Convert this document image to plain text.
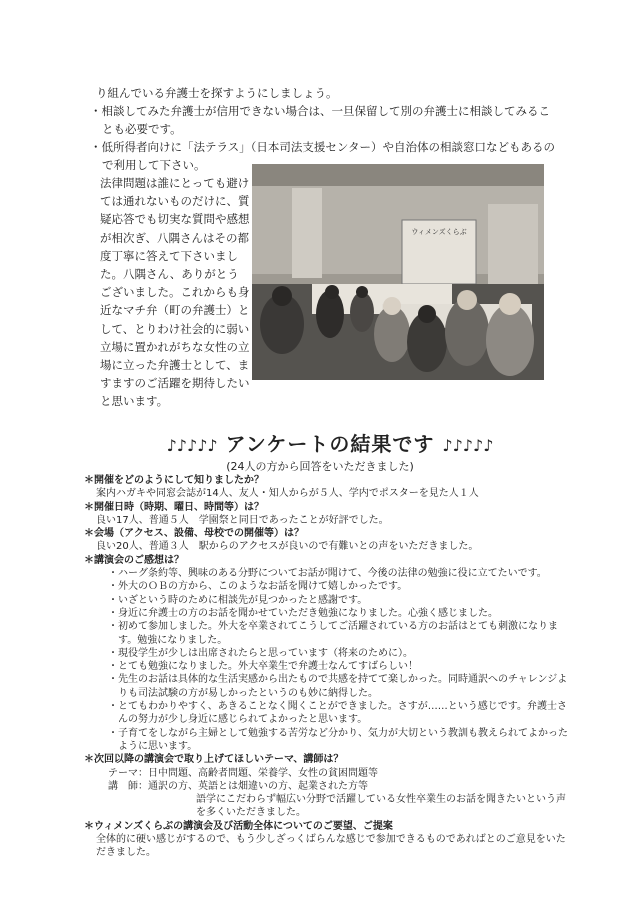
り組んでいる弁護士を探すようにしましょう。
・相談してみた弁護士が信用できない場合は、一旦保留して別の弁護士に相談してみることも必要です。
・低所得者向けに「法テラス」（日本司法支援センター）や自治体の相談窓口などもあるので利用して下さい。

法律問題は誰にとっても避けては通れないものだけに、質疑応答でも切実な質問や感想が相次ぎ、八隅さんはその都度丁寧に答えて下さいました。八隅さん、ありがとうございました。これからも身近なマチ弁（町の弁護士）として、とりわけ社会的に弱い立場に置かれがちな女性の立場に立った弁護士として、ますますのご活躍を期待したいと思います。

ウィメンズくらぶ
♪♪♪♪♪ アンケートの結果です ♪♪♪♪♪
(24人の方から回答をいただきました)
＊開催をどのようにして知りましたか？
案内ハガキや同窓会誌が14人、友人・知人からが５人、学内でポスターを見た人１人
＊開催日時（時期、曜日、時間等）は？
良い17人、普通５人　学園祭と同日であったことが好評でした。
＊会場（アクセス、設備、母校での開催等）は？
良い20人、普通３人　駅からのアクセスが良いので有難いとの声をいただきました。
＊講演会のご感想は？
・ハーグ条約等、興味のある分野についてお話が聞けて、今後の法律の勉強に役に立てたいです。
・外大のＯＢの方から、このようなお話を聞けて嬉しかったです。
・いざという時のために相談先が見つかったと感謝です。
・身近に弁護士の方のお話を聞かせていただき勉強になりました。心強く感じました。
・初めて参加しました。外大を卒業されてこうしてご活躍されている方のお話はとても刺激になります。勉強になりました。
・現役学生が少しは出席されたらと思っています（将来のために）。
・とても勉強になりました。外大卒業生で弁護士なんてすばらしい！
・先生のお話は具体的な生活実感から出たもので共感を持てて楽しかった。同時通訳へのチャレンジよりも司法試験の方が易しかったというのも妙に納得した。
・とてもわかりやすく、あきることなく聞くことができました。さすが……という感じです。弁護士さんの努力が少し身近に感じられてよかったと思います。
・子育てをしながら主婦として勉強する苦労など分かり、気力が大切という教訓も教えられてよかったように思います。
＊次回以降の講演会で取り上げてほしいテーマ、講師は？
テーマ：日中問題、高齢者問題、栄養学、女性の貧困問題等
講　師：通訳の方、英語とは畑違いの方、起業された方等
語学にこだわらず幅広い分野で活躍している女性卒業生のお話を聞きたいという声を多くいただきました。
＊ウィメンズくらぶの講演会及び活動全体についてのご要望、ご提案
全体的に硬い感じがするので、もう少しざっくばらんな感じで参加できるものであればとのご意見をいただきました。
